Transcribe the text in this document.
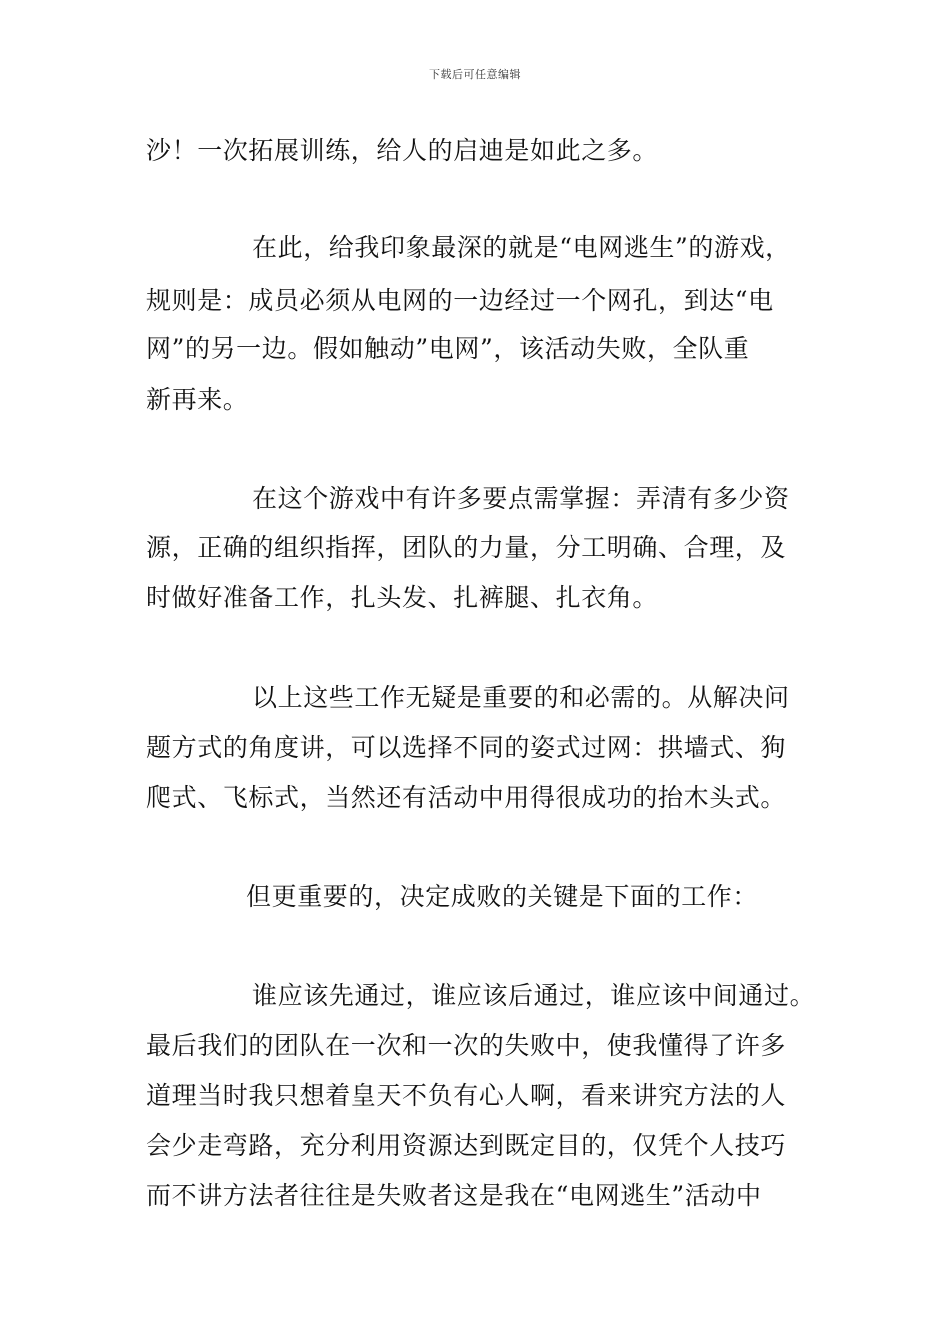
下载后可任意编辑
沙！一次拓展训练，给人的启迪是如此之多。
在此，给我印象最深的就是“电网逃生”的游戏，
规则是：成员必须从电网的一边经过一个网孔，到达“电
网”的另一边。假如触动”电网”，该活动失败，全队重
新再来。
在这个游戏中有许多要点需掌握：弄清有多少资
源，正确的组织指挥，团队的力量，分工明确、合理，及
时做好准备工作，扎头发、扎裤腿、扎衣角。
以上这些工作无疑是重要的和必需的。从解决问
题方式的角度讲，可以选择不同的姿式过网：拱墙式、狗
爬式、飞标式，当然还有活动中用得很成功的抬木头式。
但更重要的，决定成败的关键是下面的工作：
谁应该先通过，谁应该后通过，谁应该中间通过。
最后我们的团队在一次和一次的失败中，使我懂得了许多
道理当时我只想着皇天不负有心人啊，看来讲究方法的人
会少走弯路，充分利用资源达到既定目的，仅凭个人技巧
而不讲方法者往往是失败者这是我在“电网逃生”活动中
